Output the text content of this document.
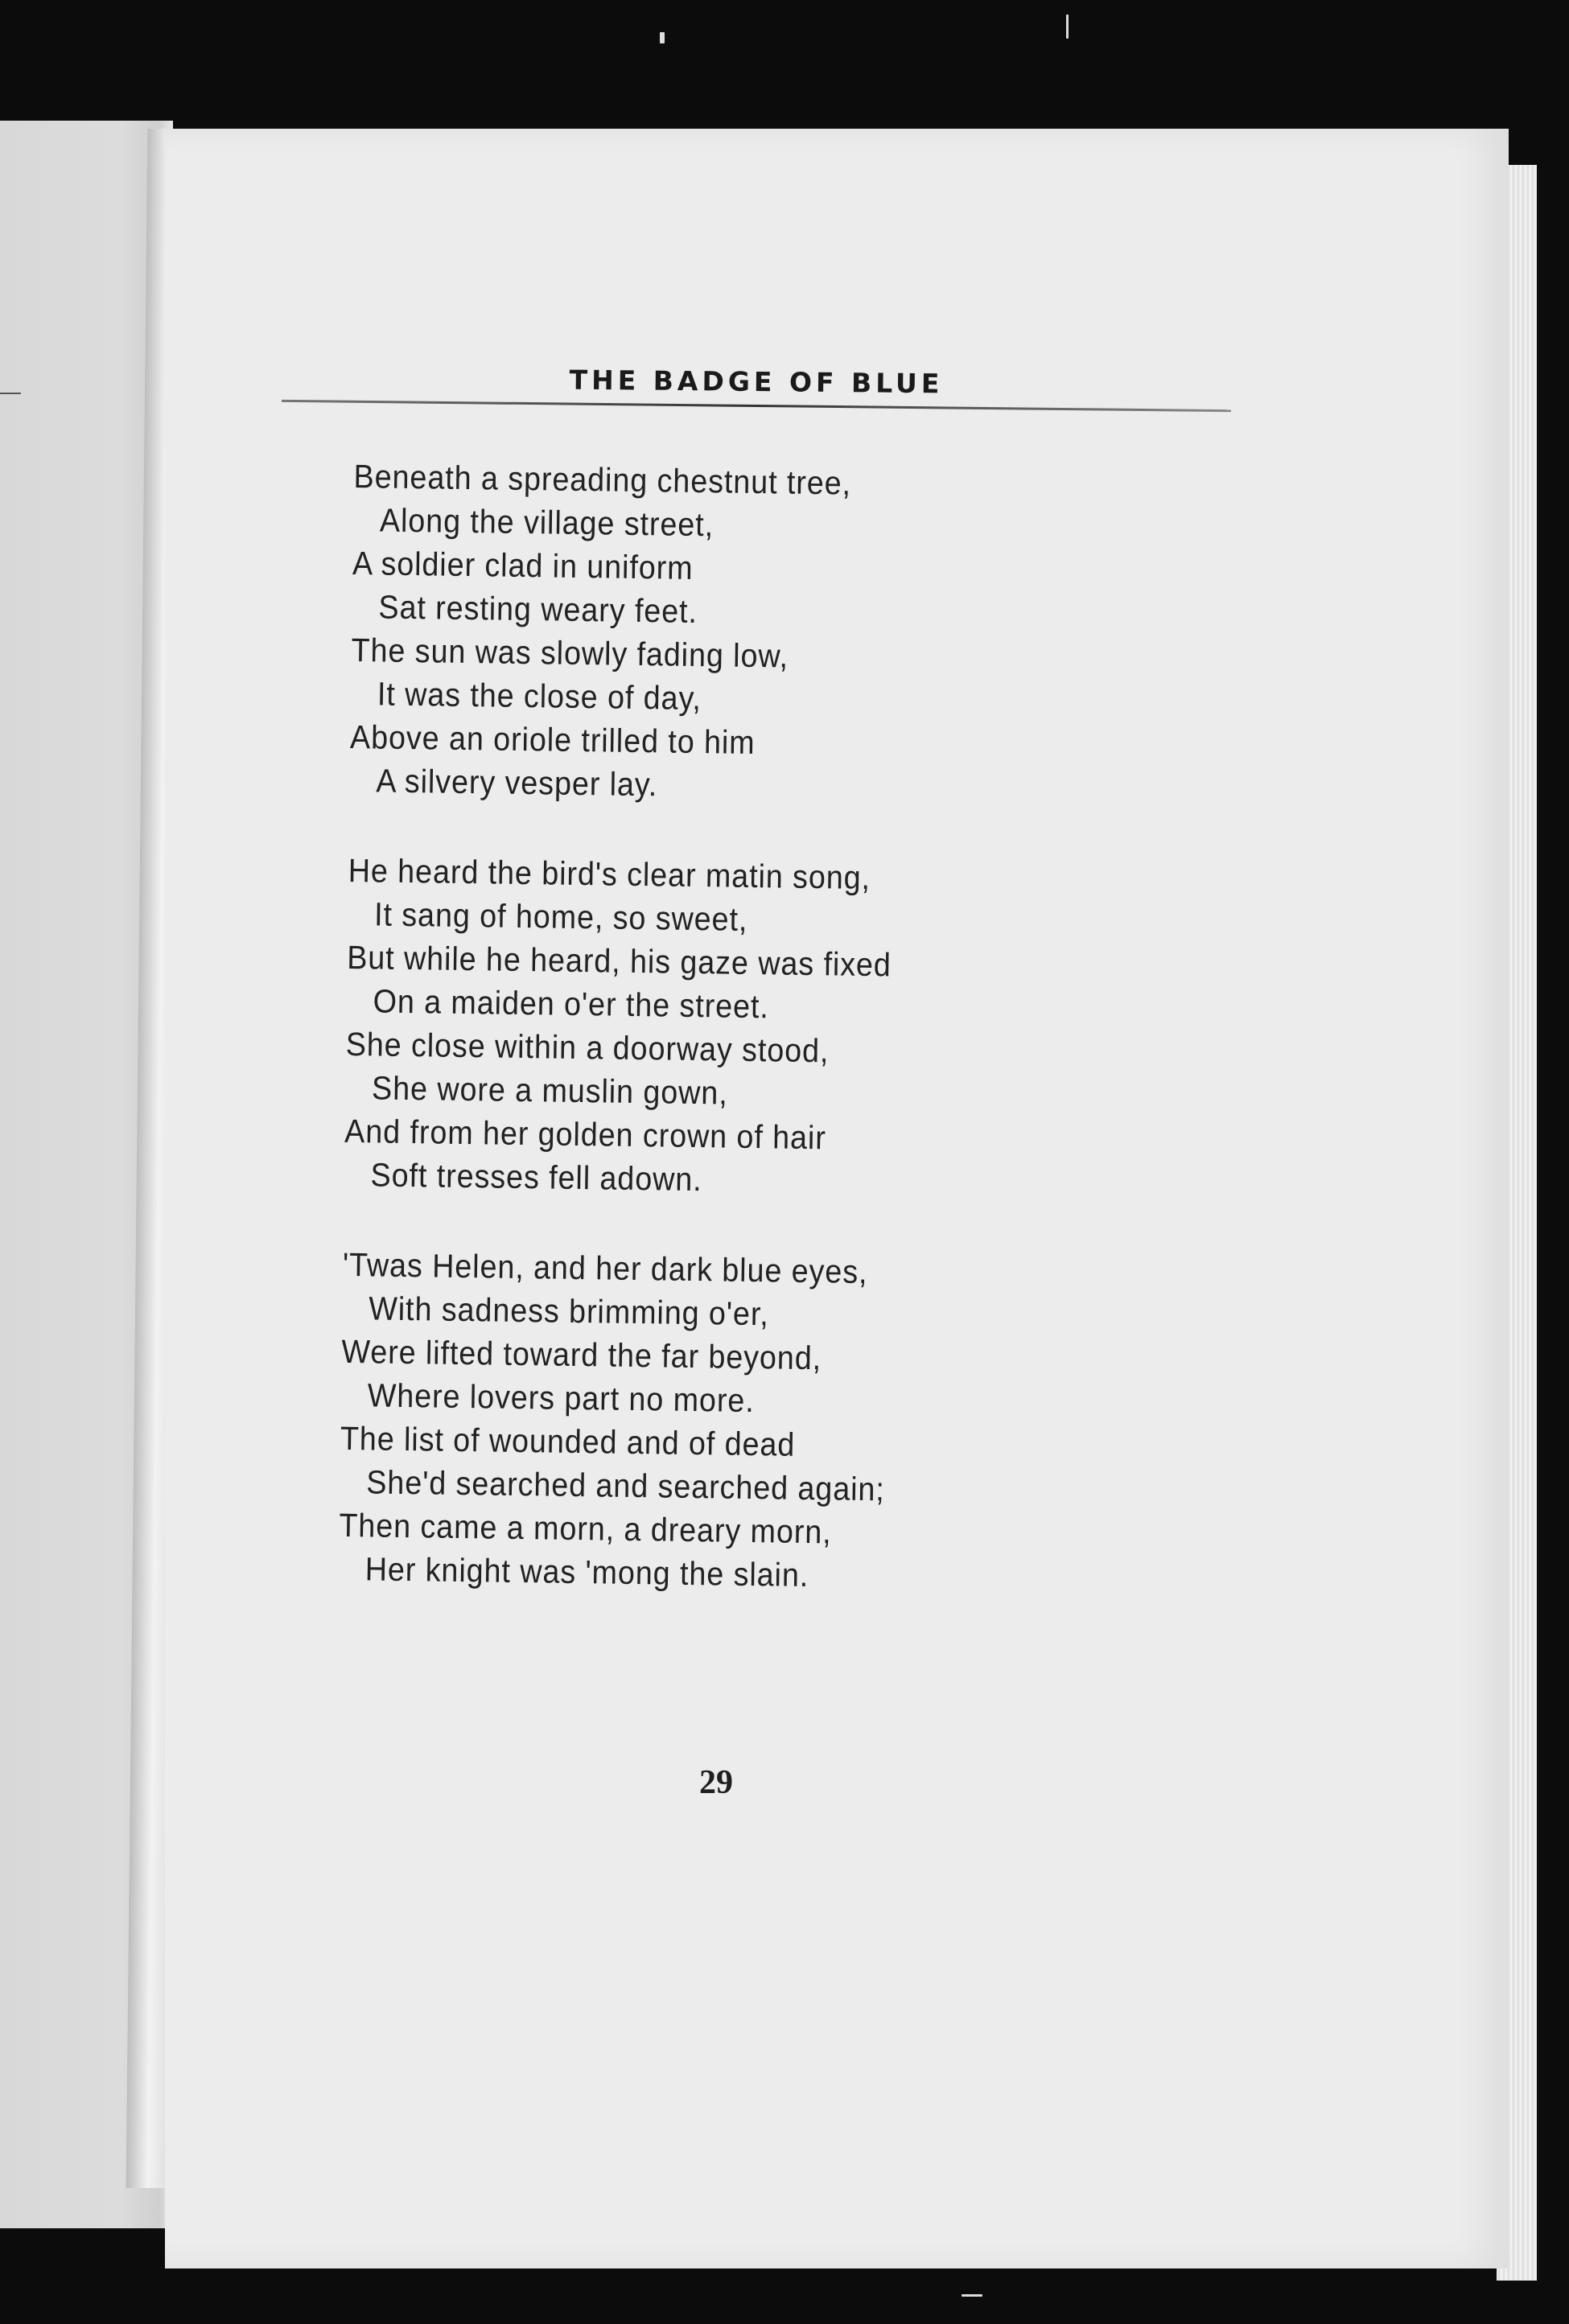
THE BADGE OF BLUE
Beneath a spreading chestnut tree,
Along the village street,
A soldier clad in uniform
Sat resting weary feet.
The sun was slowly fading low,
It was the close of day,
Above an oriole trilled to him
A silvery vesper lay.
He heard the bird's clear matin song,
It sang of home, so sweet,
But while he heard, his gaze was fixed
On a maiden o'er the street.
She close within a doorway stood,
She wore a muslin gown,
And from her golden crown of hair
Soft tresses fell adown.
'Twas Helen, and her dark blue eyes,
With sadness brimming o'er,
Were lifted toward the far beyond,
Where lovers part no more.
The list of wounded and of dead
She'd searched and searched again;
Then came a morn, a dreary morn,
Her knight was 'mong the slain.
29
